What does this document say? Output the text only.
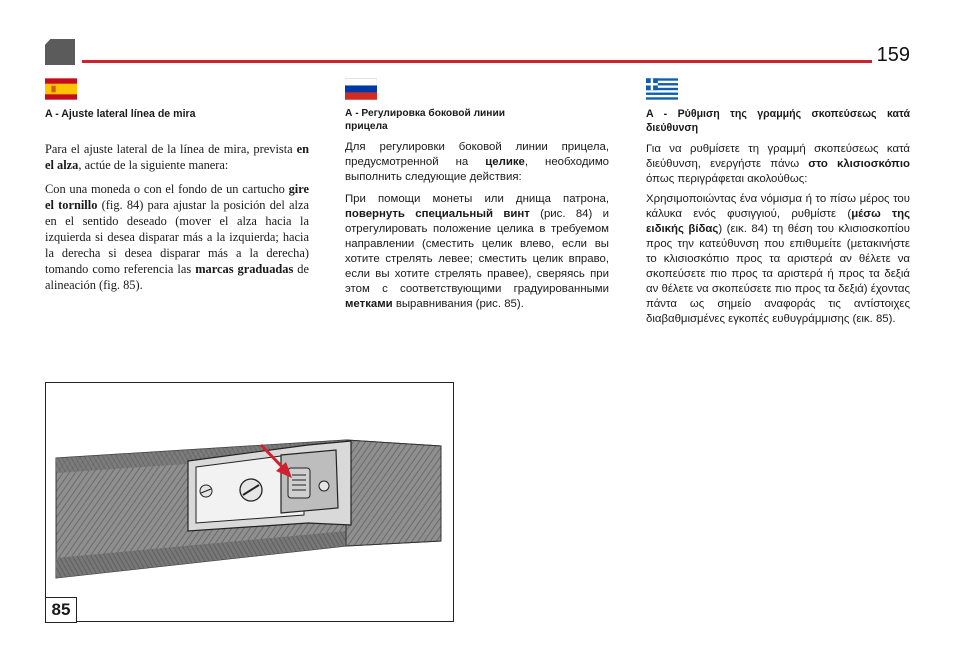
159

A - Ajuste lateral línea de mira

Para el ajuste lateral de la línea de mira, prevista en el alza, actúe de la siguiente manera:

Con una moneda o con el fondo de un cartucho gire el tornillo (fig. 84) para ajustar la posición del alza en el sentido deseado (mover el alza hacia la izquierda si desea disparar más a la izquierda; hacia la derecha si desea disparar más a la derecha) tomando como referencia las marcas graduadas de alineación (fig. 85).

А - Регулировка боковой линии прицела

Для регулировки боковой линии прицела, предусмотренной на целике, необходимо выполнить следующие действия:

При помощи монеты или днища патрона, повернуть специальный винт (рис. 84) и отрегулировать положение целика в требуемом направлении (сместить целик влево, если вы хотите стрелять левее; сместить целик вправо, если вы хотите стрелять правее), сверяясь при этом с соответствующими градуированными метками выравнивания (рис. 85).

A - Ρύθμιση της γραμμής σκοπεύσεως κατά διεύθυνση

Για να ρυθμίσετε τη γραμμή σκοπεύσεως κατά διεύθυνση, ενεργήστε πάνω στο κλισιοσκόπιο όπως περιγράφεται ακολούθως:

Χρησιμοποιώντας ένα νόμισμα ή το πίσω μέρος του κάλυκα ενός φυσιγγιού, ρυθμίστε (μέσω της ειδικής βίδας) (εικ. 84) τη θέση του κλισιοσκοπίου προς την κατεύθυνση που επιθυμείτε (μετακινήστε το κλισιοσκόπιο προς τα αριστερά αν θέλετε να σκοπεύσετε πιο προς τα αριστερά ή προς τα δεξιά αν θέλετε να σκοπεύσετε πιο προς τα δεξιά) έχοντας πάντα ως σημείο αναφοράς τις αντίστοιχες διαβαθμισμένες εγκοπές ευθυγράμμισης (εικ. 85).

85
